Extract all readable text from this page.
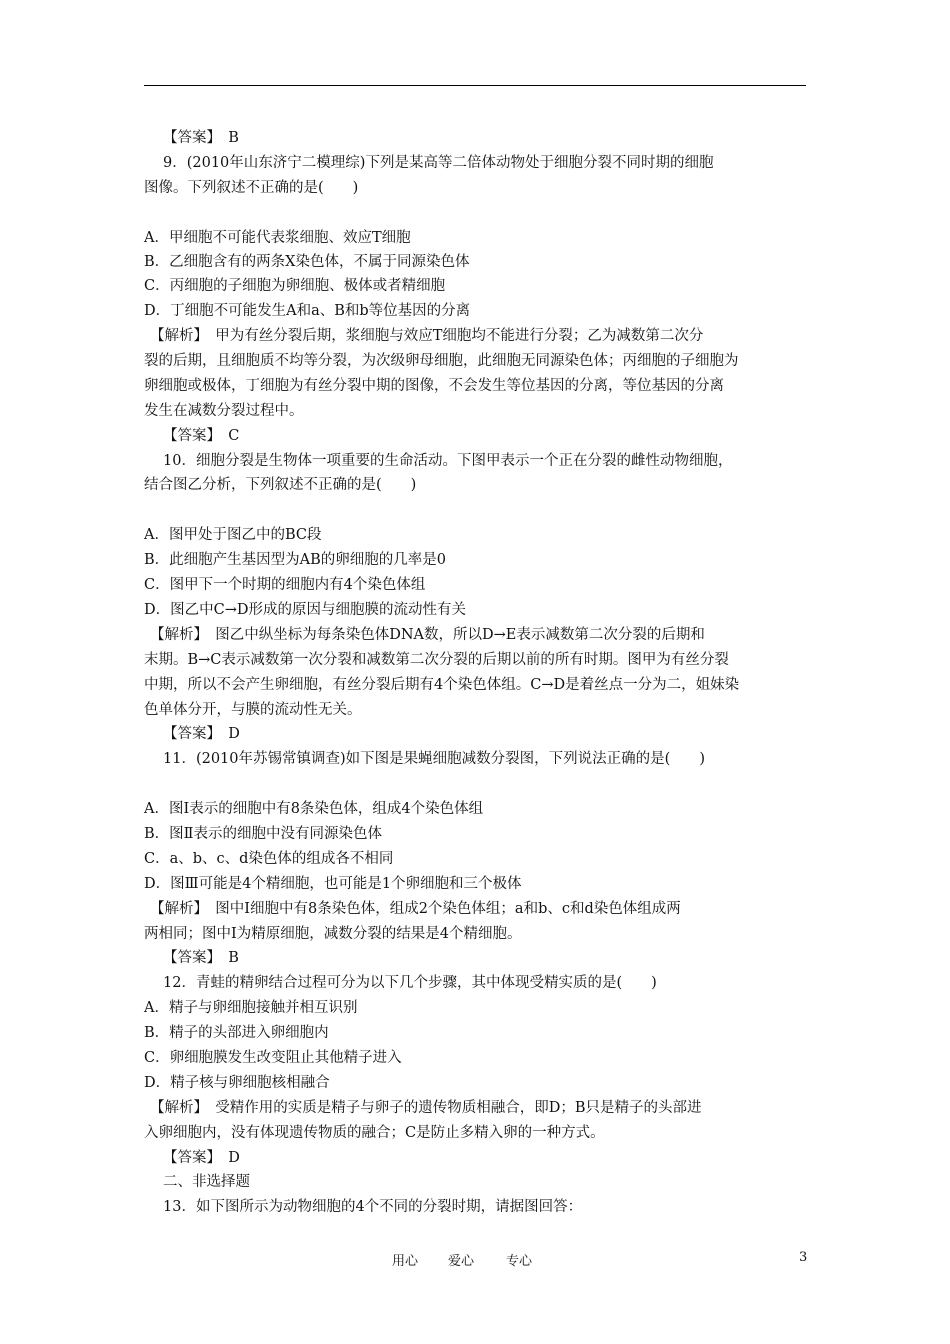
【答案】　B
9．(2010年山东济宁二模理综)下列是某高等二倍体动物处于细胞分裂不同时期的细胞
图像。下列叙述不正确的是(　　)
A．甲细胞不可能代表浆细胞、效应T细胞
B．乙细胞含有的两条X染色体，不属于同源染色体
C．丙细胞的子细胞为卵细胞、极体或者精细胞
D．丁细胞不可能发生A和a、B和b等位基因的分离
【解析】　甲为有丝分裂后期，浆细胞与效应T细胞均不能进行分裂；乙为减数第二次分
裂的后期，且细胞质不均等分裂，为次级卵母细胞，此细胞无同源染色体；丙细胞的子细胞为
卵细胞或极体，丁细胞为有丝分裂中期的图像，不会发生等位基因的分离，等位基因的分离
发生在减数分裂过程中。
【答案】　C
10．细胞分裂是生物体一项重要的生命活动。下图甲表示一个正在分裂的雌性动物细胞，
结合图乙分析，下列叙述不正确的是(　　)
A．图甲处于图乙中的BC段
B．此细胞产生基因型为AB的卵细胞的几率是0
C．图甲下一个时期的细胞内有4个染色体组
D．图乙中C→D形成的原因与细胞膜的流动性有关
【解析】　图乙中纵坐标为每条染色体DNA数，所以D→E表示减数第二次分裂的后期和
末期。B→C表示减数第一次分裂和减数第二次分裂的后期以前的所有时期。图甲为有丝分裂
中期，所以不会产生卵细胞，有丝分裂后期有4个染色体组。C→D是着丝点一分为二，姐妹染
色单体分开，与膜的流动性无关。
【答案】　D
11．(2010年苏锡常镇调查)如下图是果蝇细胞减数分裂图，下列说法正确的是(　　)
A．图Ⅰ表示的细胞中有8条染色体，组成4个染色体组
B．图Ⅱ表示的细胞中没有同源染色体
C．a、b、c、d染色体的组成各不相同
D．图Ⅲ可能是4个精细胞，也可能是1个卵细胞和三个极体
【解析】　图中Ⅰ细胞中有8条染色体，组成2个染色体组；a和b、c和d染色体组成两
两相同；图中Ⅰ为精原细胞，减数分裂的结果是4个精细胞。
【答案】　B
12．青蛙的精卵结合过程可分为以下几个步骤，其中体现受精实质的是(　　)
A．精子与卵细胞接触并相互识别
B．精子的头部进入卵细胞内
C．卵细胞膜发生改变阻止其他精子进入
D．精子核与卵细胞核相融合
【解析】　受精作用的实质是精子与卵子的遗传物质相融合，即D；B只是精子的头部进
入卵细胞内，没有体现遗传物质的融合；C是防止多精入卵的一种方式。
【答案】　D
二、非选择题
13．如下图所示为动物细胞的4个不同的分裂时期，请据图回答：
用心 爱心 专心	3
